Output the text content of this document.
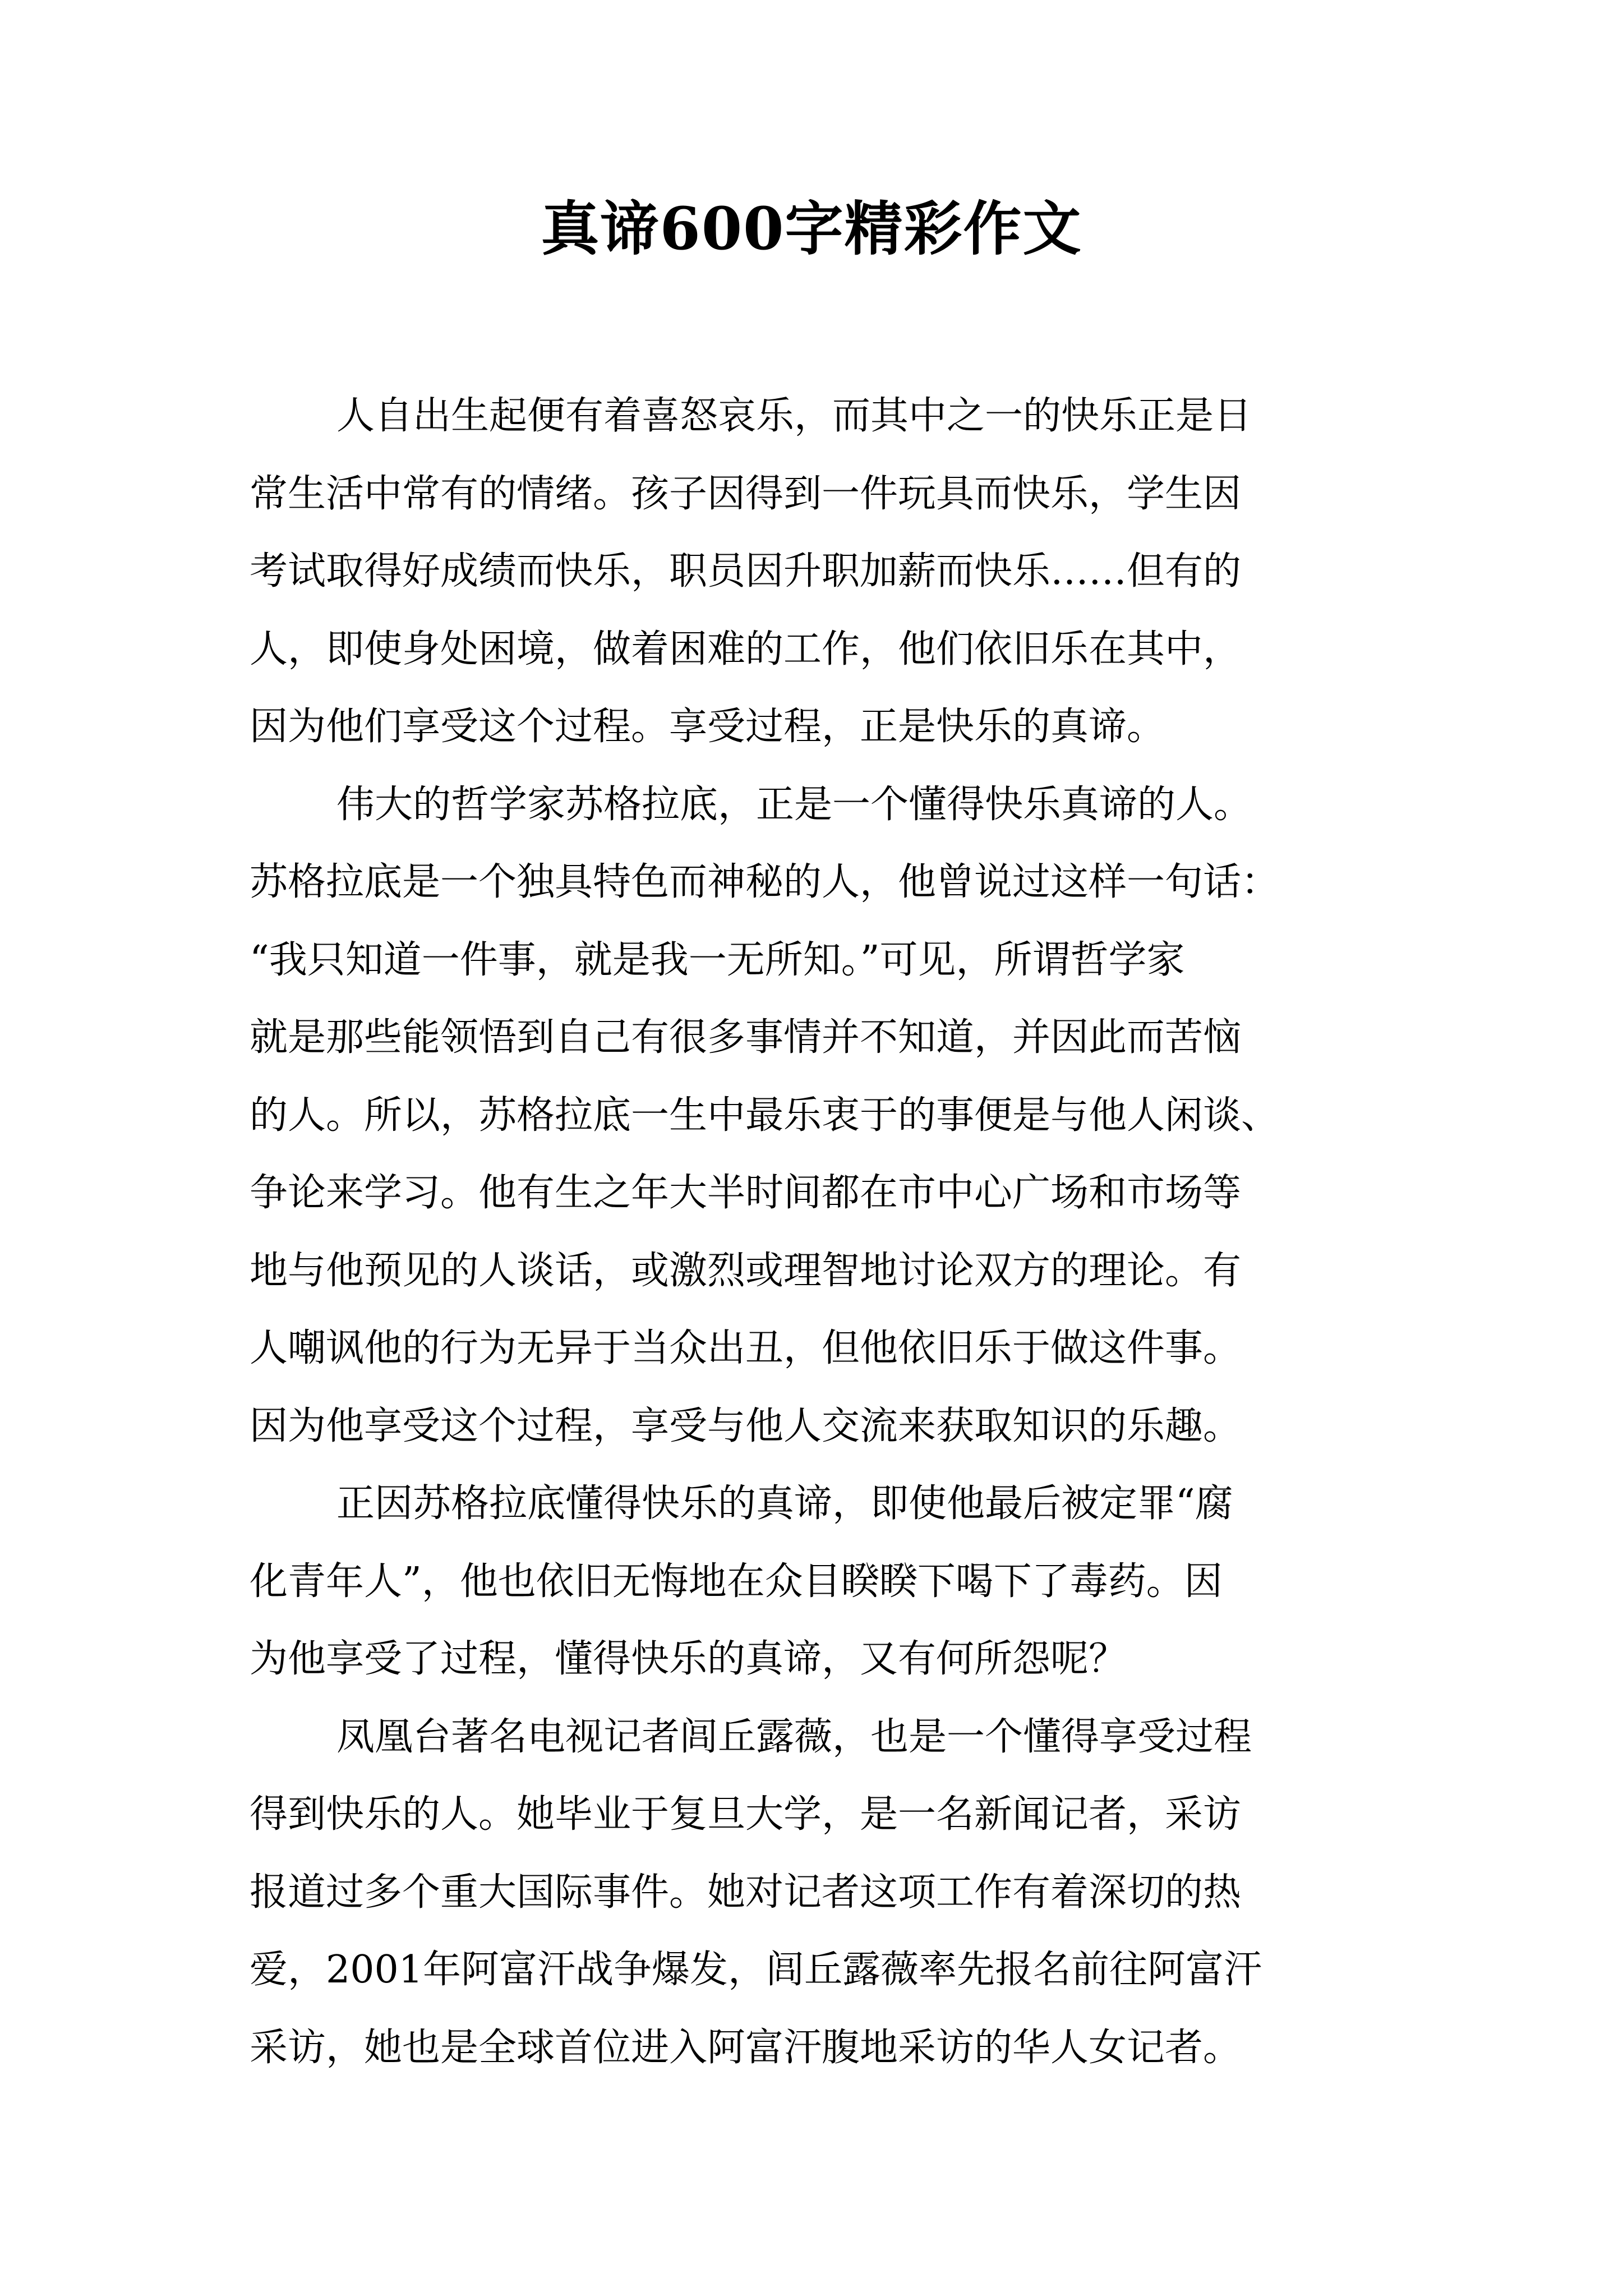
真谛600字精彩作文
人自出生起便有着喜怒哀乐，而其中之一的快乐正是日
常生活中常有的情绪。孩子因得到一件玩具而快乐，学生因
考试取得好成绩而快乐，职员因升职加薪而快乐……但有的
人，即使身处困境，做着困难的工作，他们依旧乐在其中，
因为他们享受这个过程。享受过程，正是快乐的真谛。
伟大的哲学家苏格拉底，正是一个懂得快乐真谛的人。
苏格拉底是一个独具特色而神秘的人，他曾说过这样一句话：
“我只知道一件事，就是我一无所知。”可见，所谓哲学家
就是那些能领悟到自己有很多事情并不知道，并因此而苦恼
的人。所以，苏格拉底一生中最乐衷于的事便是与他人闲谈、
争论来学习。他有生之年大半时间都在市中心广场和市场等
地与他预见的人谈话，或激烈或理智地讨论双方的理论。有
人嘲讽他的行为无异于当众出丑，但他依旧乐于做这件事。
因为他享受这个过程，享受与他人交流来获取知识的乐趣。
正因苏格拉底懂得快乐的真谛，即使他最后被定罪“腐
化青年人”，他也依旧无悔地在众目睽睽下喝下了毒药。因
为他享受了过程，懂得快乐的真谛，又有何所怨呢？
凤凰台著名电视记者闾丘露薇，也是一个懂得享受过程
得到快乐的人。她毕业于复旦大学，是一名新闻记者，采访
报道过多个重大国际事件。她对记者这项工作有着深切的热
爱，2001年阿富汗战争爆发，闾丘露薇率先报名前往阿富汗
采访，她也是全球首位进入阿富汗腹地采访的华人女记者。
